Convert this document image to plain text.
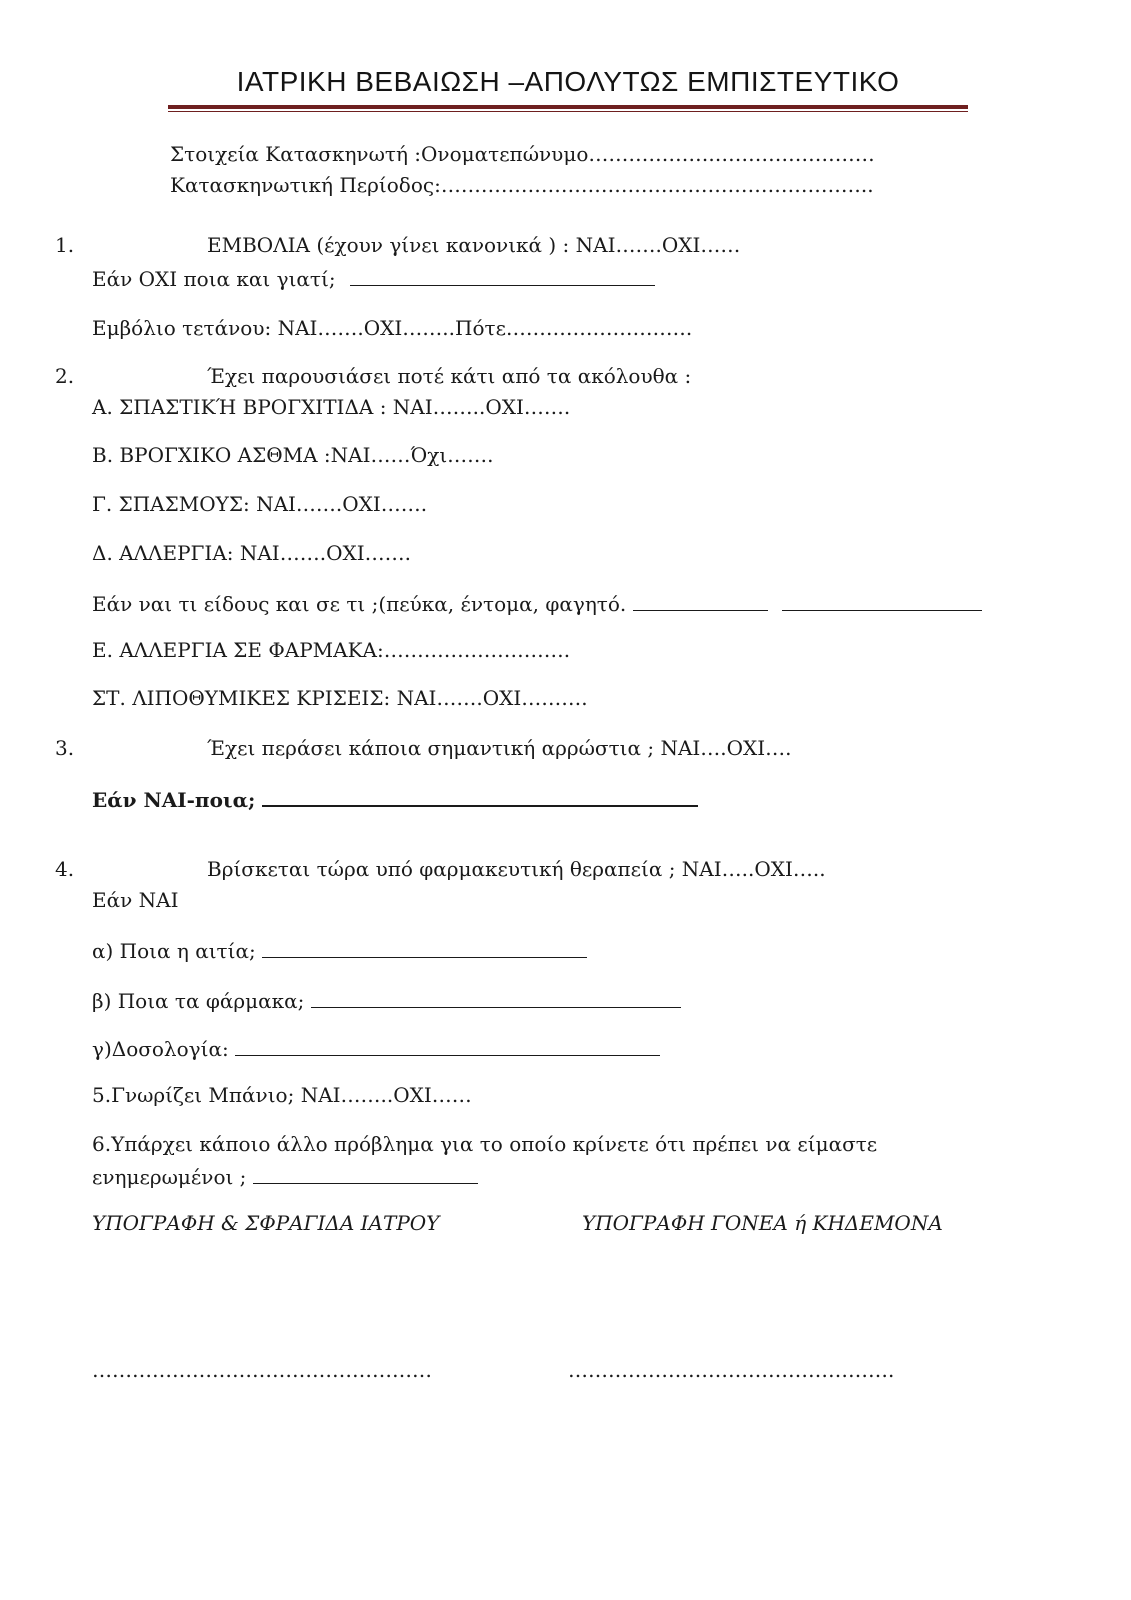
ΙΑΤΡΙΚΗ ΒΕΒΑΙΩΣΗ –ΑΠΟΛΥΤΩΣ ΕΜΠΙΣΤΕΥΤΙΚΟ
Στοιχεία Κατασκηνωτή :Ονοματεπώνυμο……………….……………………
Κατασκηνωτική Περίοδος:………………………………………………………..
1.	ΕΜΒΟΛΙΑ (έχουν γίνει κανονικά ) : ΝΑΙ…….ΟΧΙ……
Εάν ΟΧΙ ποια και γιατί;
Εμβόλιο τετάνου: ΝΑΙ…….ΟΧΙ……..Πότε……………………….
2.	Έχει παρουσιάσει ποτέ κάτι από τα ακόλουθα :
Α. ΣΠΑΣΤΙΚΉ ΒΡΟΓΧΙΤΙΔΑ : ΝΑΙ……..ΟΧΙ…….
Β. ΒΡΟΓΧΙΚΟ ΑΣΘΜΑ :ΝΑΙ……Όχι…….
Γ. ΣΠΑΣΜΟΥΣ: ΝΑΙ…….ΟΧΙ…….
Δ. ΑΛΛΕΡΓΙΑ: ΝΑΙ…….ΟΧΙ…….
Εάν ναι τι είδους και σε τι ;(πεύκα, έντομα, φαγητό.
Ε. ΑΛΛΕΡΓΙΑ ΣΕ ΦΑΡΜΑΚΑ:……………………….
ΣΤ. ΛΙΠΟΘΥΜΙΚΕΣ ΚΡΙΣΕΙΣ: ΝΑΙ…….ΟΧΙ……….
3.	Έχει περάσει κάποια σημαντική αρρώστια ; ΝΑΙ….ΟΧΙ….
Εάν ΝΑΙ-ποια;
4.	Βρίσκεται τώρα υπό φαρμακευτική θεραπεία ; ΝΑΙ…..ΟΧΙ…..
Εάν ΝΑΙ
α) Ποια η αιτία;
β) Ποια τα φάρμακα;
γ)Δοσολογία:
5.Γνωρίζει Μπάνιο; ΝΑΙ……..ΟΧΙ……
6.Υπάρχει κάποιο άλλο πρόβλημα για το οποίο κρίνετε ότι πρέπει να είμαστε
ενημερωμένοι ;
ΥΠΟΓΡΑΦΗ & ΣΦΡΑΓΙΔΑ ΙΑΤΡΟΥ	ΥΠΟΓΡΑΦΗ ΓΟΝΕΑ ή ΚΗΔΕΜΟΝΑ
……………………………………………	………………………………………….
